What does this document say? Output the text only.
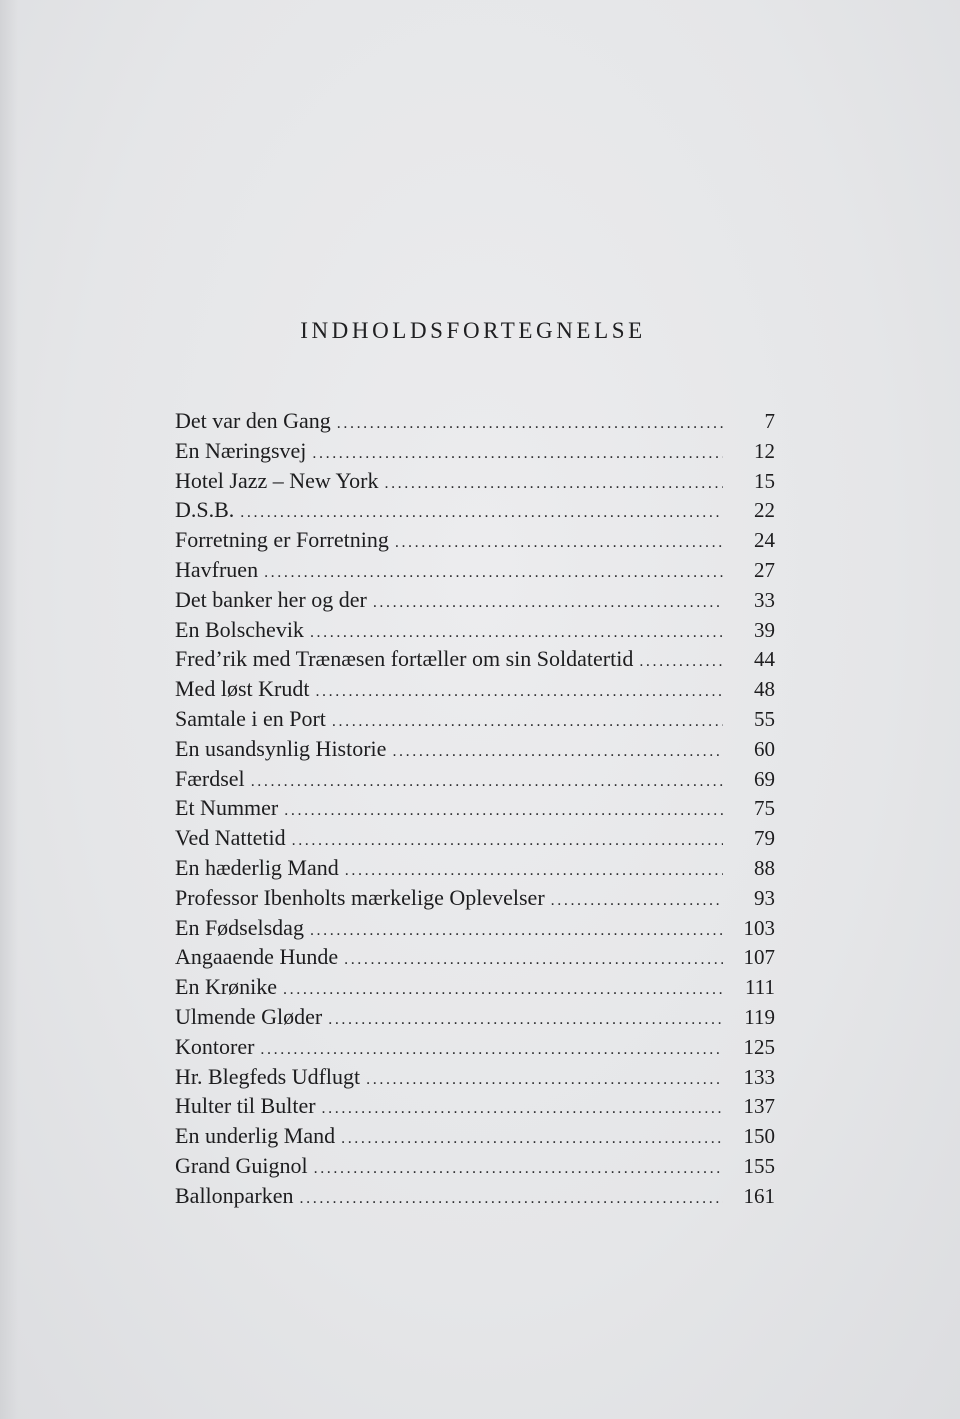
INDHOLDSFORTEGNELSE
Det var den Gang .....	7
En Næringsvej .....	12
Hotel Jazz – New York .....	15
D.S.B. .....	22
Forretning er Forretning .....	24
Havfruen .....	27
Det banker her og der .....	33
En Bolschevik .....	39
Fred’rik med Trænæsen fortæller om sin Soldatertid .....	44
Med løst Krudt .....	48
Samtale i en Port .....	55
En usandsynlig Historie .....	60
Færdsel .....	69
Et Nummer .....	75
Ved Nattetid .....	79
En hæderlig Mand .....	88
Professor Ibenholts mærkelige Oplevelser .....	93
En Fødselsdag .....	103
Angaaende Hunde .....	107
En Krønike .....	111
Ulmende Gløder .....	119
Kontorer .....	125
Hr. Blegfeds Udflugt .....	133
Hulter til Bulter .....	137
En underlig Mand .....	150
Grand Guignol .....	155
Ballonparken .....	161
